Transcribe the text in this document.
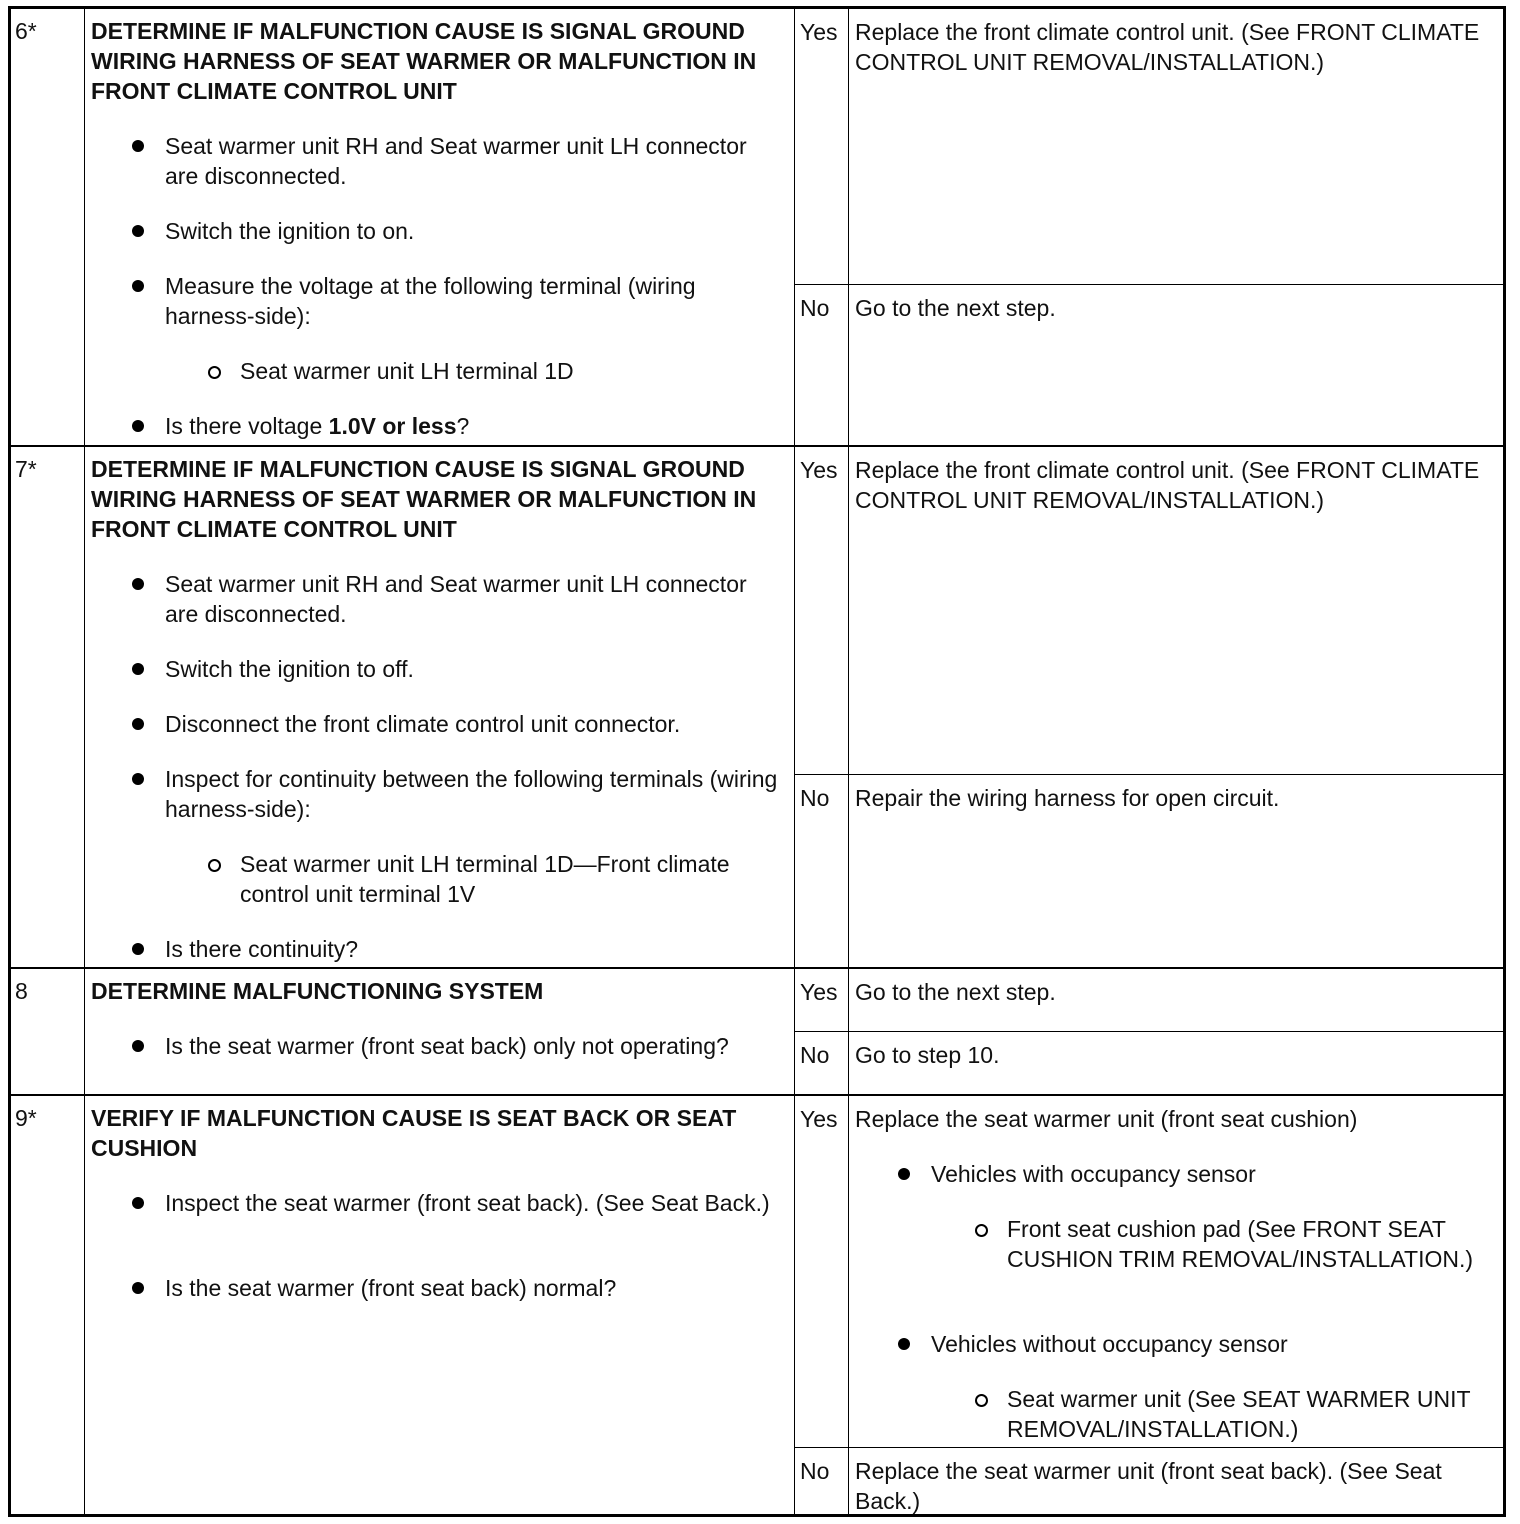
6* DETERMINE IF MALFUNCTION CAUSE IS SIGNAL GROUND WIRING HARNESS OF SEAT WARMER OR MALFUNCTION IN FRONT CLIMATE CONTROL UNIT
Seat warmer unit RH and Seat warmer unit LH connector are disconnected.
Switch the ignition to on.
Measure the voltage at the following terminal (wiring harness-side):
Seat warmer unit LH terminal 1D
Is there voltage 1.0V or less?
Yes Replace the front climate control unit. (See FRONT CLIMATE CONTROL UNIT REMOVAL/INSTALLATION.)
No Go to the next step.
7* DETERMINE IF MALFUNCTION CAUSE IS SIGNAL GROUND WIRING HARNESS OF SEAT WARMER OR MALFUNCTION IN FRONT CLIMATE CONTROL UNIT
Seat warmer unit RH and Seat warmer unit LH connector are disconnected.
Switch the ignition to off.
Disconnect the front climate control unit connector.
Inspect for continuity between the following terminals (wiring harness-side):
Seat warmer unit LH terminal 1D—Front climate control unit terminal 1V
Is there continuity?
Yes Replace the front climate control unit. (See FRONT CLIMATE CONTROL UNIT REMOVAL/INSTALLATION.)
No Repair the wiring harness for open circuit.
8	DETERMINE MALFUNCTIONING SYSTEM
Is the seat warmer (front seat back) only not operating?
Yes Go to the next step.
No Go to step 10.
9* VERIFY IF MALFUNCTION CAUSE IS SEAT BACK OR SEAT CUSHION
Inspect the seat warmer (front seat back). (See Seat Back.)
Is the seat warmer (front seat back) normal?
Yes Replace the seat warmer unit (front seat cushion)
Vehicles with occupancy sensor
Front seat cushion pad (See FRONT SEAT CUSHION TRIM REMOVAL/INSTALLATION.)
Vehicles without occupancy sensor
Seat warmer unit (See SEAT WARMER UNIT REMOVAL/INSTALLATION.)
No Replace the seat warmer unit (front seat back). (See Seat Back.)
